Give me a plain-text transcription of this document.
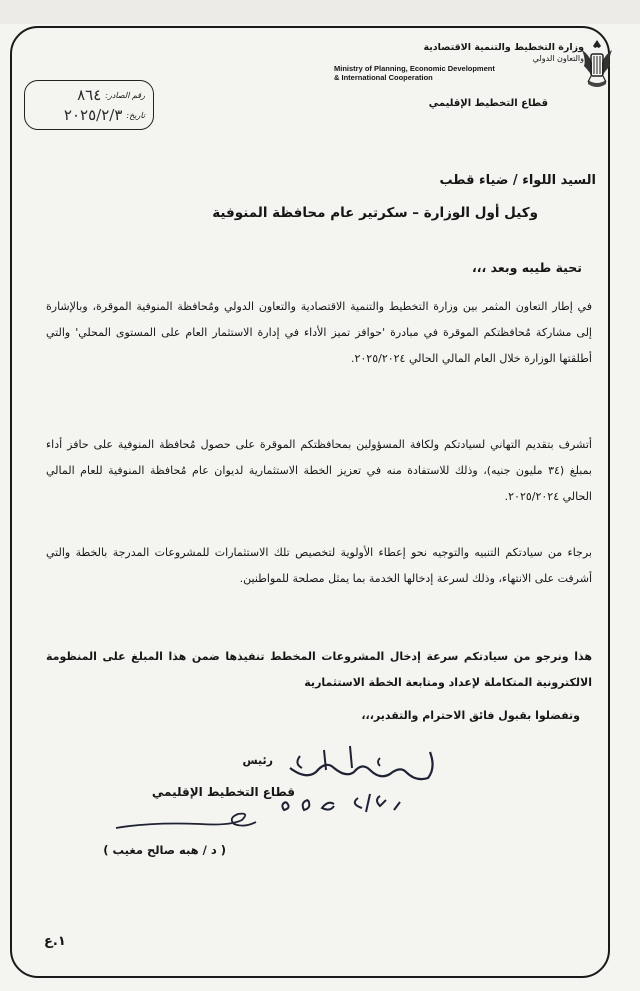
وزارة التخطيط والتنمية الاقتصادية
والتعاون الدولي
Ministry of Planning, Economic Development
& International Cooperation
قطاع التخطيط الإقليمي
رقم الصادر:
٨٦٤
تاريخ:
٢٠٢٥/٢/٣
السيد اللواء / ضياء قطب
وكيل أول الوزارة – سكرتير عام محافظة المنوفية
تحية طيبه وبعد ،،،
في إطار التعاون المثمر بين وزارة التخطيط والتنمية الاقتصادية والتعاون الدولي ومُحافظة المنوفية الموقرة، وبالإشارة إلى مشاركة مُحافظتكم الموقرة في مبادرة 'حوافز تميز الأداء في إدارة الاستثمار العام على المستوى المحلي' والتي أطلقتها الوزارة خلال العام المالي الحالي ٢٠٢٥/٢٠٢٤.
أتشرف بتقديم التهاني لسيادتكم ولكافة المسؤولين بمحافظتكم الموقرة على حصول مُحافظة المنوفية على حافز أداء بمبلغ (٣٤ مليون جنيه)، وذلك للاستفادة منه في تعزيز الخطة الاستثمارية لديوان عام مُحافظة المنوفية للعام المالي الحالي ٢٠٢٥/٢٠٢٤.
برجاء من سيادتكم التنبيه والتوجيه نحو إعطاء الأولوية لتخصيص تلك الاستثمارات للمشروعات المدرجة بالخطة والتي أشرفت على الانتهاء، وذلك لسرعة إدخالها الخدمة بما يمثل مصلحة للمواطنين.
هذا ونرجو من سيادتكم سرعة إدخال المشروعات المخطط تنفيذها ضمن هذا المبلغ على المنظومة الالكترونية المتكاملة لإعداد ومتابعة الخطة الاستثمارية
وتفضلوا بقبول فائق الاحترام والتقدير،،،
رئيس
قطاع التخطيط الإقليمي
( د / هبه صالح مغيب )
١.ع
